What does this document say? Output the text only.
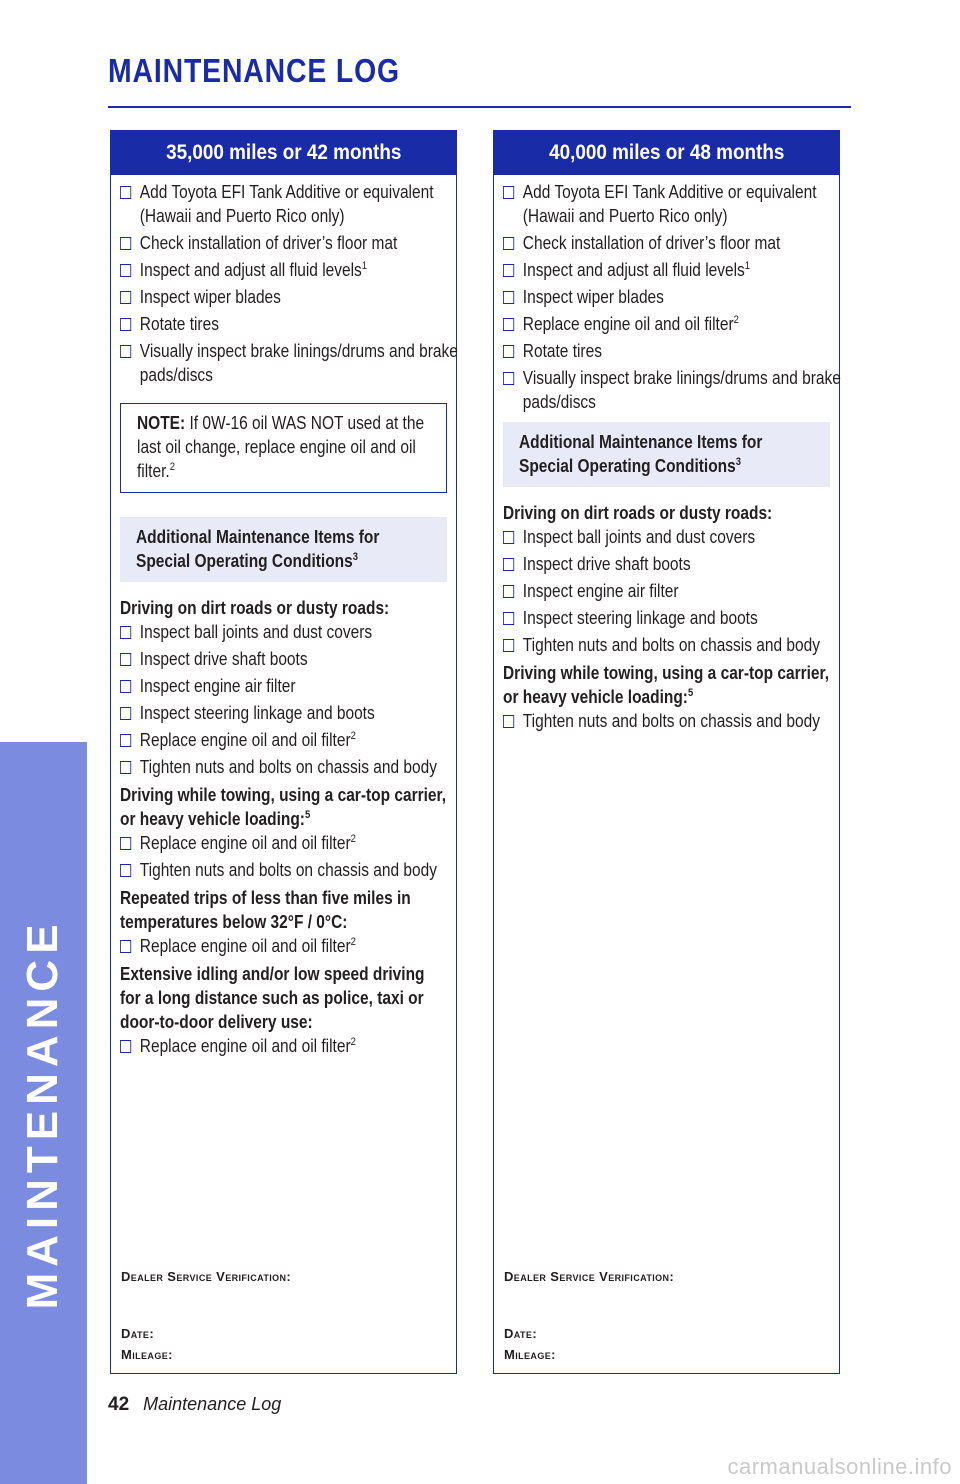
MAINTENANCE
MAINTENANCE LOG
35,000 miles or 42 months
Add Toyota EFI Tank Additive or equivalent (Hawaii and Puerto Rico only)
Check installation of driver’s floor mat
Inspect and adjust all fluid levels$^1$
Inspect wiper blades
Rotate tires
Visually inspect brake linings/drums and brake pads/discs
NOTE: If 0W-16 oil WAS NOT used at the last oil change, replace engine oil and oil filter.$^2$
Additional Maintenance Items for Special Operating Conditions$^3$
Driving on dirt roads or dusty roads:
Inspect ball joints and dust covers
Inspect drive shaft boots
Inspect engine air filter
Inspect steering linkage and boots
Replace engine oil and oil filter$^2$
Tighten nuts and bolts on chassis and body
Driving while towing, using a car-top carrier, or heavy vehicle loading:$^5$
Replace engine oil and oil filter$^2$
Tighten nuts and bolts on chassis and body
Repeated trips of less than five miles in temperatures below 32°F / 0°C:
Replace engine oil and oil filter$^2$
Extensive idling and/or low speed driving for a long distance such as police, taxi or door-to-door delivery use:
Replace engine oil and oil filter$^2$
Dealer Service Verification:
Date:
Mileage:
40,000 miles or 48 months
Add Toyota EFI Tank Additive or equivalent (Hawaii and Puerto Rico only)
Check installation of driver’s floor mat
Inspect and adjust all fluid levels$^1$
Inspect wiper blades
Replace engine oil and oil filter$^2$
Rotate tires
Visually inspect brake linings/drums and brake pads/discs
Additional Maintenance Items for Special Operating Conditions$^3$
Driving on dirt roads or dusty roads:
Inspect ball joints and dust covers
Inspect drive shaft boots
Inspect engine air filter
Inspect steering linkage and boots
Tighten nuts and bolts on chassis and body
Driving while towing, using a car-top carrier, or heavy vehicle loading:$^5$
Tighten nuts and bolts on chassis and body
Dealer Service Verification:
Date:
Mileage:
42 Maintenance Log
carmanualsonline.info
